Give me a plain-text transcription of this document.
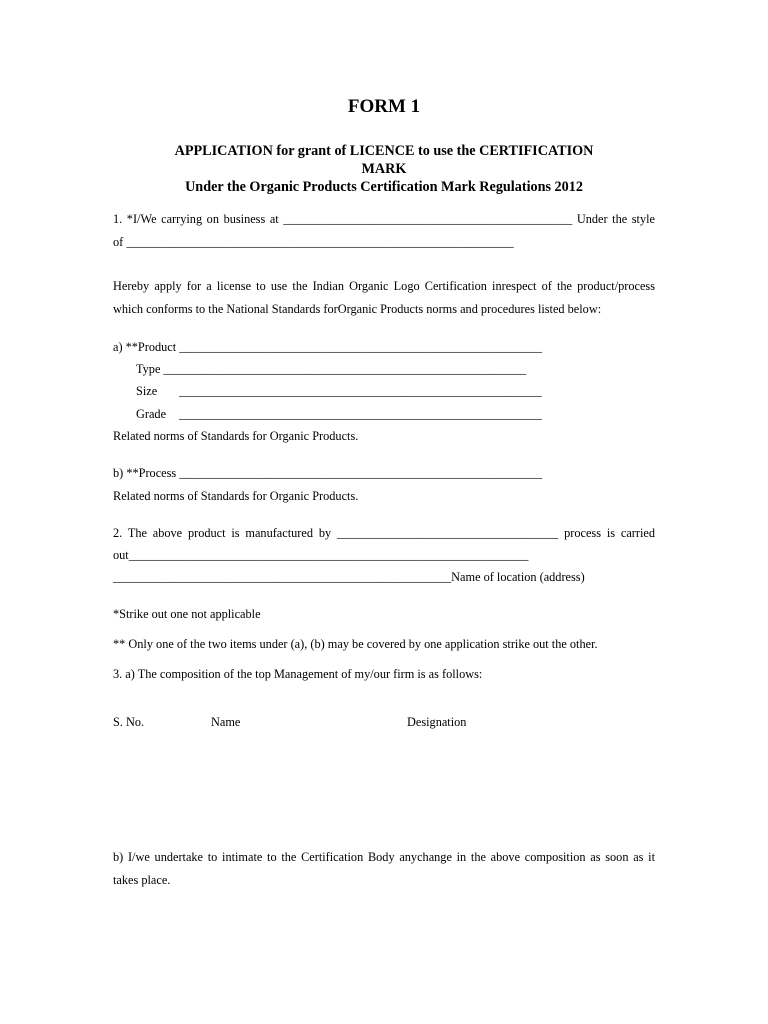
FORM 1
APPLICATION for grant of LICENCE to use the CERTIFICATION
MARK
Under the Organic Products Certification Mark Regulations 2012
1. *I/We carrying on business at _______________________________________________ Under the style
of _______________________________________________________________
Hereby apply for a license to use the Indian Organic Logo Certification inrespect of the product/process
which conforms to the National Standards forOrganic Products norms and procedures listed below:
a) **Product ___________________________________________________________
Type ___________________________________________________________
Size ___________________________________________________________
Grade ___________________________________________________________
Related norms of Standards for Organic Products.
b) **Process ___________________________________________________________
Related norms of Standards for Organic Products.
2. The above product is manufactured by ____________________________________ process is carried
out_________________________________________________________________
_______________________________________________________Name of location (address)
*Strike out one not applicable
** Only one of the two items under (a), (b) may be covered by one application strike out the other.
3. a) The composition of the top Management of my/our firm is as follows:
S. No.	Name	Designation
b) I/we undertake to intimate to the Certification Body anychange in the above composition as soon as it
takes place.
